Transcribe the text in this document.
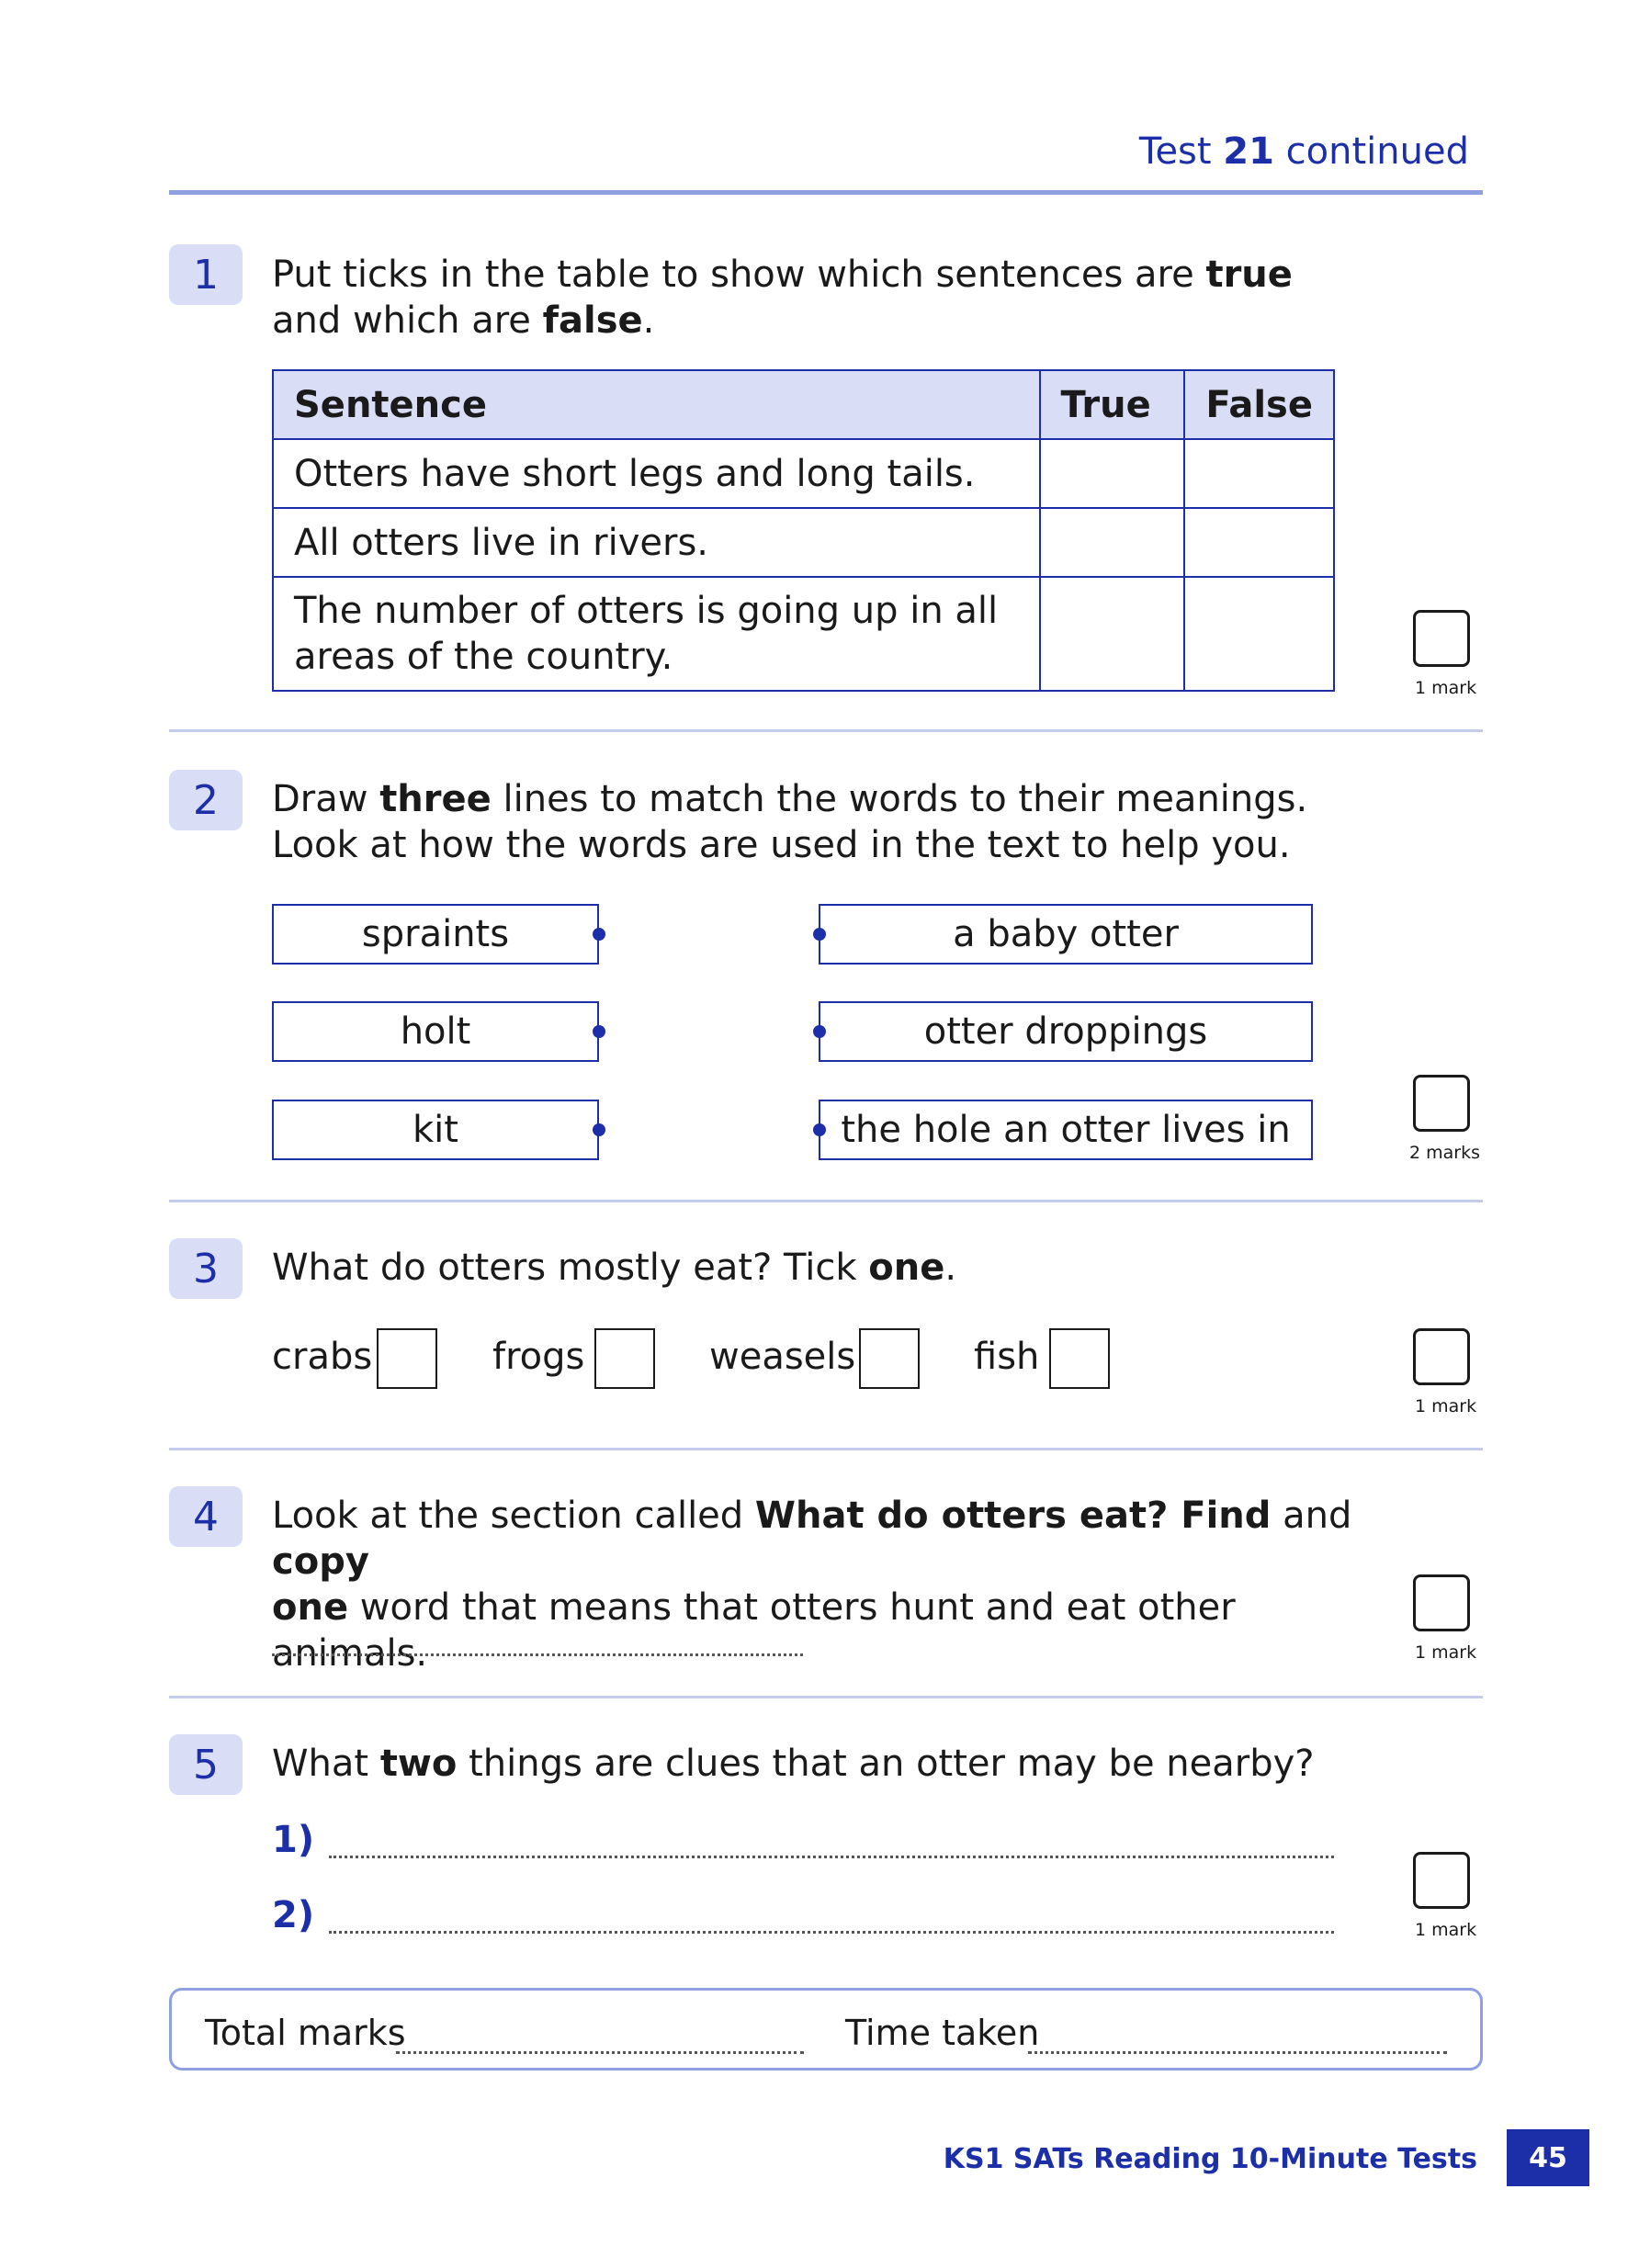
Test 21 continued
1	Put ticks in the table to show which sentences are true and which are false.
Sentence	True	False
Otters have short legs and long tails.		
All otters live in rivers.		
The number of otters is going up in all areas of the country.		
1 mark
2	Draw three lines to match the words to their meanings.
Look at how the words are used in the text to help you.
spraints
holt
kit
a baby otter
otter droppings
the hole an otter lives in
2 marks
3	What do otters mostly eat? Tick one.
crabs	frogs	weasels	fish
1 mark
4	Look at the section called What do otters eat? Find and copy
one word that means that otters hunt and eat other animals.	1 mark
5	What two things are clues that an otter may be nearby?
1)
2)	1 mark
Total marks	Time taken
KS1 SATs Reading 10-Minute Tests	45
